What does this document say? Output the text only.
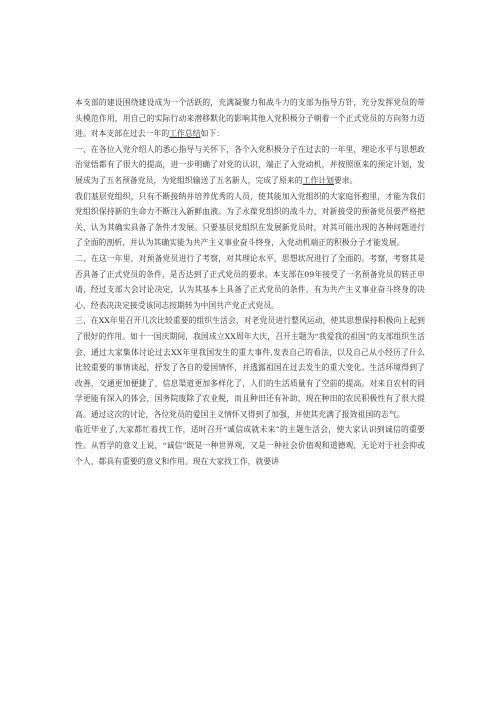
本支部的建设围绕建设成为一个活跃的，充满凝聚力和战斗力的支部为指导方针，充分发挥党员的带头模范作用，用自己的实际行动来潜移默化的影响其他入党积极分子朝着一个正式党员的方向努力迈进。对本支部在过去一年的工作总结如下：

一、在各位入党介绍人的悉心指导与关怀下，各个入党积极分子在过去的一年里，理论水平与思想政治觉悟都有了很大的提高，进一步明确了对党的认识，端正了入党动机，并按照原来的预定计划，发展成为了五名预备党员，为党组织输送了五名新人，完成了原来的工作计划要求。

我们基层党组织，只有不断接纳并培养优秀的人员，使其能加入党组织的大家庭怀抱里，才能为我们党组织保持新的生命力不断注入新鲜血液。为了永葆党组织的战斗力，对新接受的预备党员要严格把关，认为其确实具备了条件才发展。只要基层党组织在发展新党员时，对其可能出现的各种问题进行了全面的剖析，并认为其确实能为共产主义事业奋斗终身，入党动机端正的积极分子才能发展。

二、在这一年里，对预备党员进行了考察，对其理论水平，思想状况进行了全面的。考察，考察其是否具备了正式党员的条件，是否达到了正式党员的要求。本支部在09年接受了一名预备党员的转正申请，经过支部大会讨论决定，认为其基本上具备了正式党员的条件，有为共产主义事业奋斗终身的决心，经表决决定接受该同志按期转为中国共产党正式党员。

三、在XX年里召开几次比较重要的组织生活会，对老党员进行整风运动，使其思想保持积极向上起到了很好的作用。如十一国庆期间，我国成立XX周年大庆，召开主题为“我爱我的祖国”的支部组织生活会，通过大家集体讨论过去XX年里我国发生的重大事件,发表自己的看法，以及自己从小经历了什么比较重要的事情谈起，抒发了各自的爱国情怀，并透露祖国在过去发生的重大变化。生活环境得到了改善，交通更加便捷了，信息渠道更加多样化了，人们的生活质量有了空前的提高。对来自农村的同学更能有深入的体会，国务院废除了农业税，而且种田还有补助，现在种田的农民积极性有了很大提高。通过这次的讨论，各位党员的爱国主义情怀又得到了加强，并使其充满了报效祖国的志气。

临近毕业了,大家都忙着找工作，适时召开“诚信成就未来”的主题生活会，使大家认识到诚信的重要性。从哲学的意义上说，“诚信”既是一种世界观，又是一种社会价值观和道德观，无论对于社会抑或个人，都具有重要的意义和作用。现在大家找工作，就要讲
